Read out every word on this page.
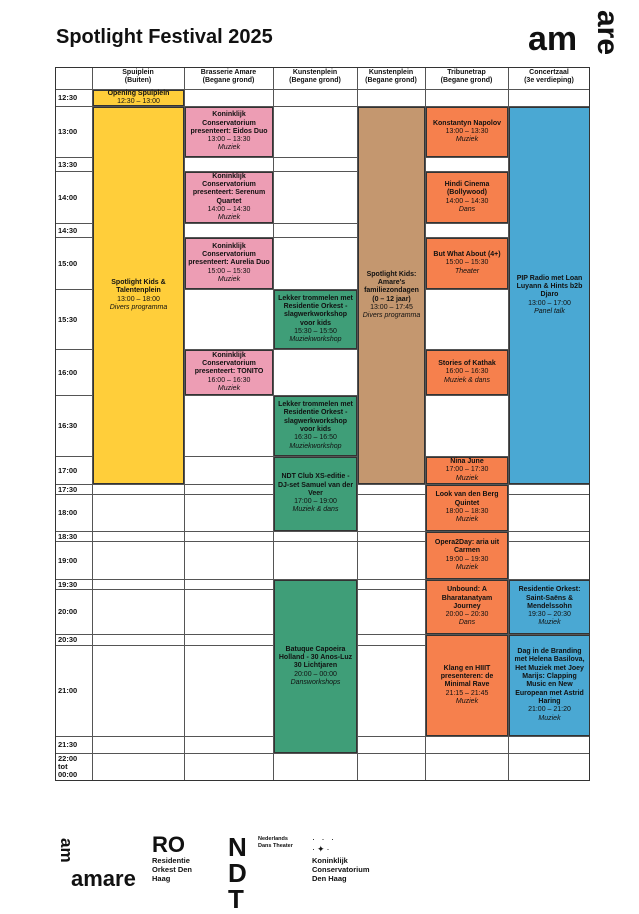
Spotlight Festival 2025	am are
Spuiplein
(Buiten)
Brasserie Amare
(Begane grond)
Kunstenplein
(Begane grond)
Kunstenplein
(Begane grond)
Tribunetrap
(Begane grond)
Concertzaal
(3e verdieping)
12:30
13:00
13:30
14:00
14:30
15:00
15:30
16:00
16:30
17:00
17:30
18:00
18:30
19:00
19:30
20:00
20:30
21:00
21:30
22:00
tot
00:00
Opening Spuiplein
12:30 – 13:00
Spotlight Kids & Talentenplein
13:00 – 18:00
Divers programma
Koninklijk Conservatorium presenteert: Eidos Duo
13:00 – 13:30
Muziek
Koninklijk Conservatorium presenteert: Serenum Quartet
14:00 – 14:30
Muziek
Koninklijk Conservatorium presenteert: Aurelia Duo
15:00 – 15:30
Muziek
Koninklijk Conservatorium presenteert: TONITO
16:00 – 16:30
Muziek
Lekker trommelen met Residentie Orkest - slagwerkworkshop voor kids
15:30 – 15:50
Muziekworkshop
Lekker trommelen met Residentie Orkest - slagwerkworkshop voor kids
16:30 – 16:50
Muziekworkshop
NDT Club XS-editie - DJ-set Samuel van der Veer
17:00 – 19:00
Muziek & dans
Batuque Capoeira Holland - 30 Anos-Luz 30 Lichtjaren
20:00 – 00:00
Dansworkshops
Spotlight Kids: Amare's familiezondagen (0 – 12 jaar)
13:00 – 17:45
Divers programma
Konstantyn Napolov
13:00 – 13:30
Muziek
Hindi Cinema (Bollywood)
14:00 – 14:30
Dans
But What About (4+)
15:00 – 15:30
Theater
Stories of Kathak
16:00 – 16:30
Muziek & dans
Nina June
17:00 – 17:30
Muziek
Look van den Berg Quintet
18:00 – 18:30
Muziek
Opera2Day: aria uit Carmen
19:00 – 19:30
Muziek
Unbound: A Bharatanatyam Journey
20:00 – 20:30
Dans
Klang en HIIIT presenteren: de Minimal Rave
21:15 – 21:45
Muziek
PIP Radio met Loan Luyann & Hints b2b Djaro
13:00 – 17:00
Panel talk
Residentie Orkest: Saint-Saëns & Mendelssohn
19:30 – 20:30
Muziek
Dag in de Branding met Helena Basilova, Het Muziek met Joey Marijs: Clapping Music en New European met Astrid Haring
21:00 – 21:20
Muziek
am
amare
RO
Residentie Orkest Den Haag
NDT
Nederlands Dans Theater
· · ·
·✦·
Koninklijk Conservatorium Den Haag
